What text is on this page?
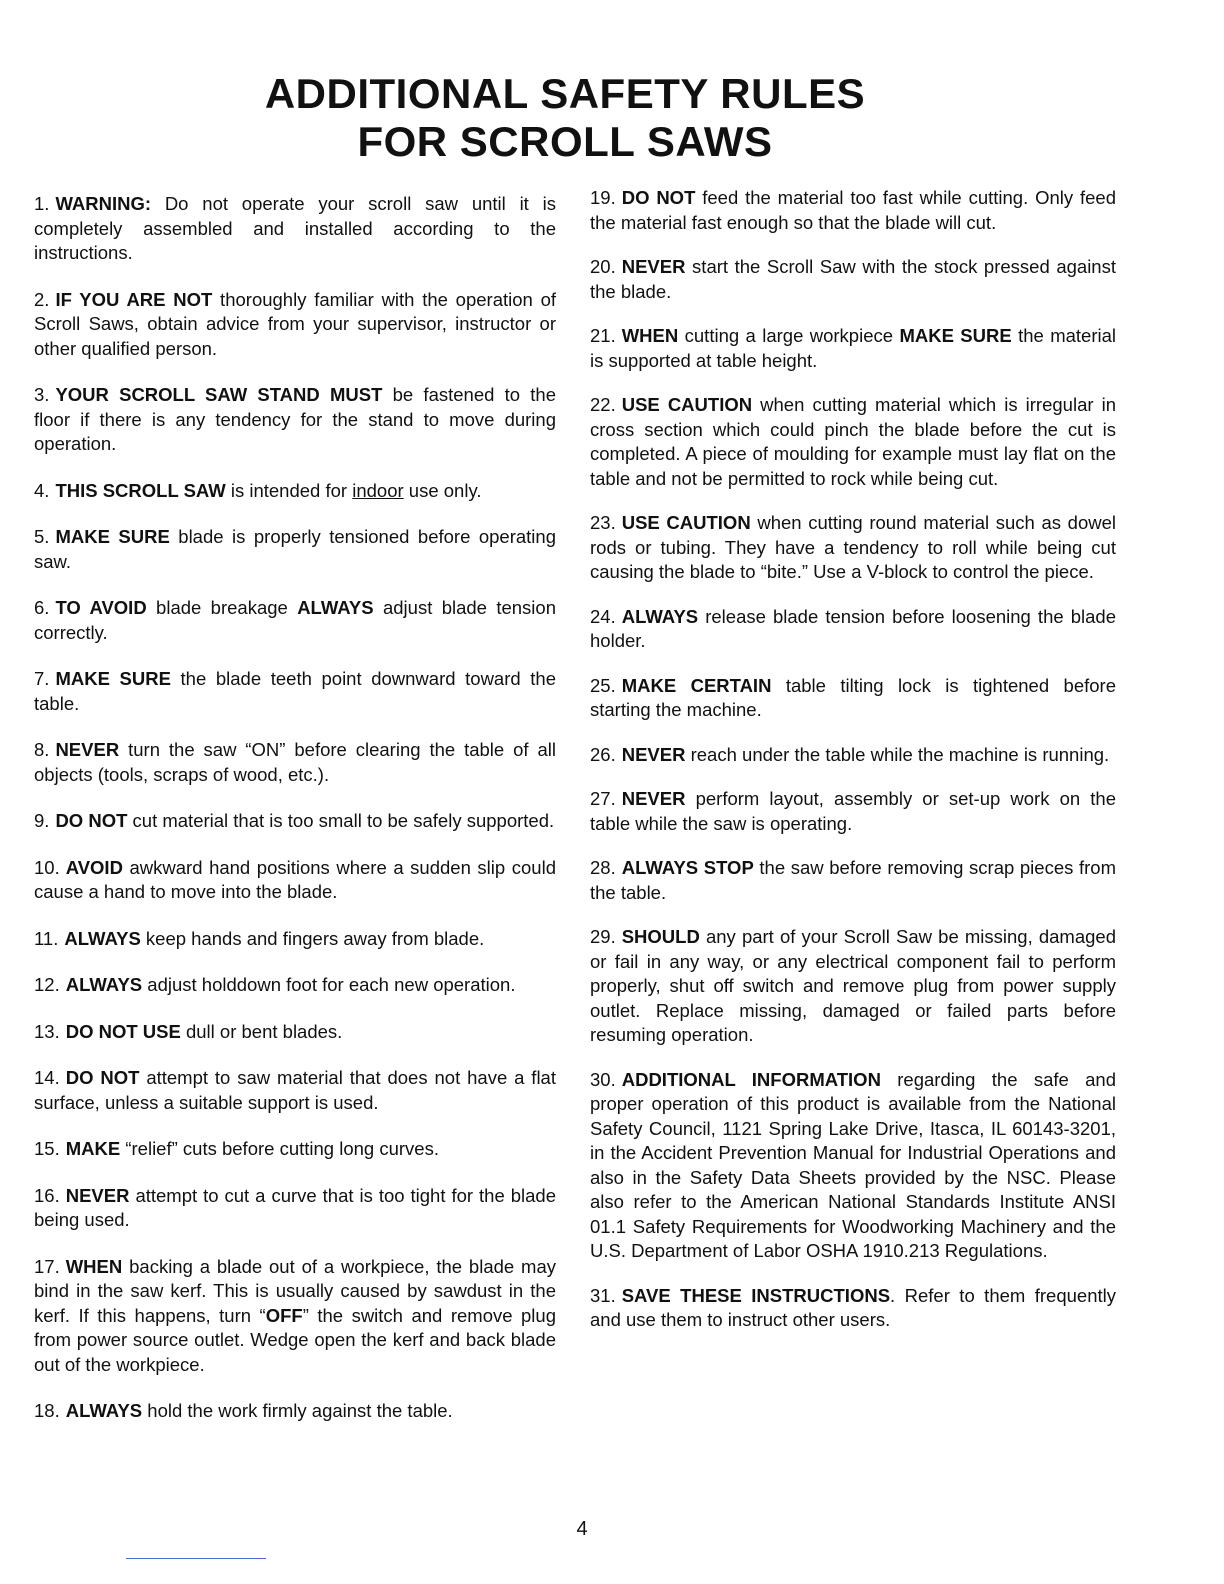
ADDITIONAL SAFETY RULES
FOR SCROLL SAWS

1. WARNING: Do not operate your scroll saw until it is completely assembled and installed according to the instructions.

2. IF YOU ARE NOT thoroughly familiar with the operation of Scroll Saws, obtain advice from your supervisor, instructor or other qualified person.

3. YOUR SCROLL SAW STAND MUST be fastened to the floor if there is any tendency for the stand to move during operation.

4. THIS SCROLL SAW is intended for indoor use only.

5. MAKE SURE blade is properly tensioned before operating saw.

6. TO AVOID blade breakage ALWAYS adjust blade tension correctly.

7. MAKE SURE the blade teeth point downward toward the table.

8. NEVER turn the saw “ON” before clearing the table of all objects (tools, scraps of wood, etc.).

9. DO NOT cut material that is too small to be safely supported.

10. AVOID awkward hand positions where a sudden slip could cause a hand to move into the blade.

11. ALWAYS keep hands and fingers away from blade.

12. ALWAYS adjust holddown foot for each new operation.

13. DO NOT USE dull or bent blades.

14. DO NOT attempt to saw material that does not have a flat surface, unless a suitable support is used.

15. MAKE “relief” cuts before cutting long curves.

16. NEVER attempt to cut a curve that is too tight for the blade being used.

17. WHEN backing a blade out of a workpiece, the blade may bind in the saw kerf. This is usually caused by sawdust in the kerf. If this happens, turn “OFF” the switch and remove plug from power source outlet. Wedge open the kerf and back blade out of the workpiece.

18. ALWAYS hold the work firmly against the table.

19. DO NOT feed the material too fast while cutting. Only feed the material fast enough so that the blade will cut.

20. NEVER start the Scroll Saw with the stock pressed against the blade.

21. WHEN cutting a large workpiece MAKE SURE the material is supported at table height.

22. USE CAUTION when cutting material which is irregular in cross section which could pinch the blade before the cut is completed. A piece of moulding for example must lay flat on the table and not be permitted to rock while being cut.

23. USE CAUTION when cutting round material such as dowel rods or tubing. They have a tendency to roll while being cut causing the blade to “bite.” Use a V-block to control the piece.

24. ALWAYS release blade tension before loosening the blade holder.

25. MAKE CERTAIN table tilting lock is tightened before starting the machine.

26. NEVER reach under the table while the machine is running.

27. NEVER perform layout, assembly or set-up work on the table while the saw is operating.

28. ALWAYS STOP the saw before removing scrap pieces from the table.

29. SHOULD any part of your Scroll Saw be missing, damaged or fail in any way, or any electrical component fail to perform properly, shut off switch and remove plug from power supply outlet. Replace missing, damaged or failed parts before resuming operation.

30. ADDITIONAL INFORMATION regarding the safe and proper operation of this product is available from the National Safety Council, 1121 Spring Lake Drive, Itasca, IL 60143-3201, in the Accident Prevention Manual for Industrial Operations and also in the Safety Data Sheets provided by the NSC. Please also refer to the American National Standards Institute ANSI 01.1 Safety Requirements for Woodworking Machinery and the U.S. Department of Labor OSHA 1910.213 Regulations.

31. SAVE THESE INSTRUCTIONS. Refer to them frequently and use them to instruct other users.

4
